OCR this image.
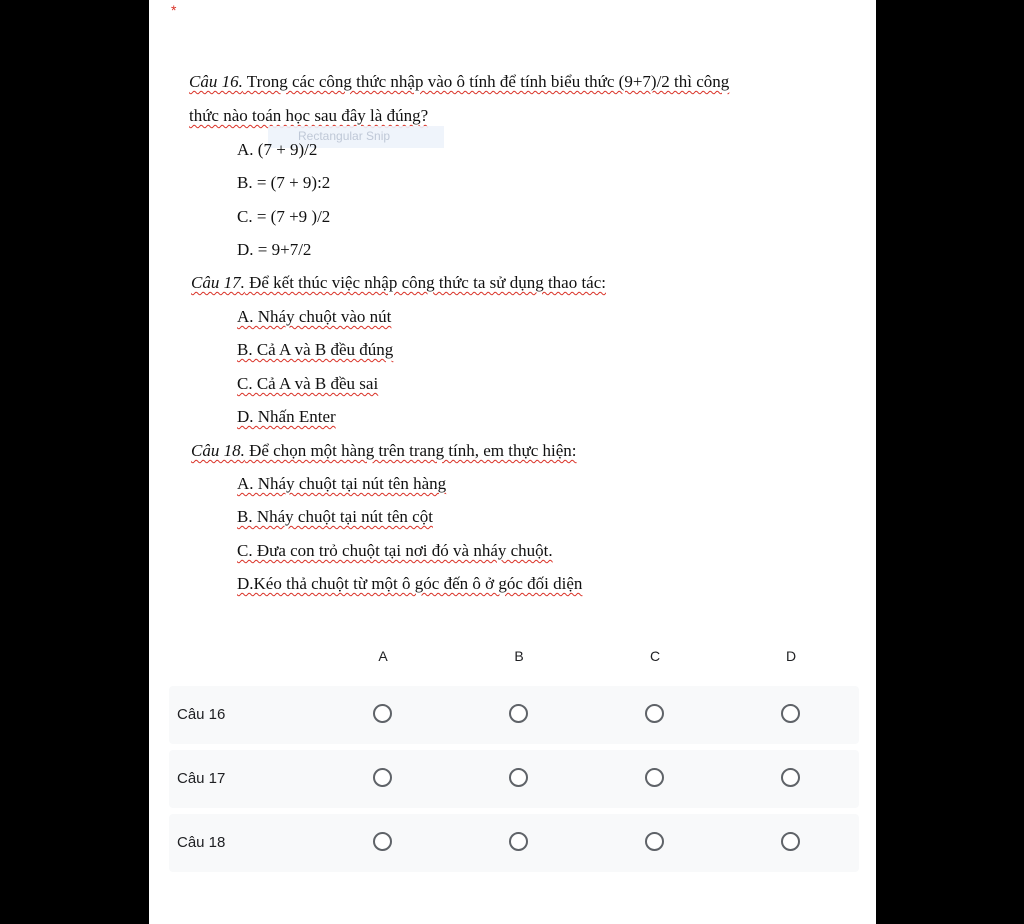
*
Câu 16. Trong các công thức nhập vào ô tính để tính biểu thức (9+7)/2 thì công
thức nào toán học sau đây là đúng?
Rectangular Snip
A. (7 + 9)/2
B. = (7 + 9):2
C. = (7 +9 )/2
D. = 9+7/2
Câu 17. Để kết thúc việc nhập công thức ta sử dụng thao tác:
A. Nháy chuột vào nút
B. Cả A và B đều đúng
C. Cả A và B đều sai
D. Nhấn Enter
Câu 18. Để chọn một hàng trên trang tính, em thực hiện:
A. Nháy chuột tại nút tên hàng
B. Nháy chuột tại nút tên cột
C. Đưa con trỏ chuột tại nơi đó và nháy chuột.
D.Kéo thả chuột từ một ô góc đến ô ở góc đối diện
A	B	C	D
Câu 16
Câu 17
Câu 18
